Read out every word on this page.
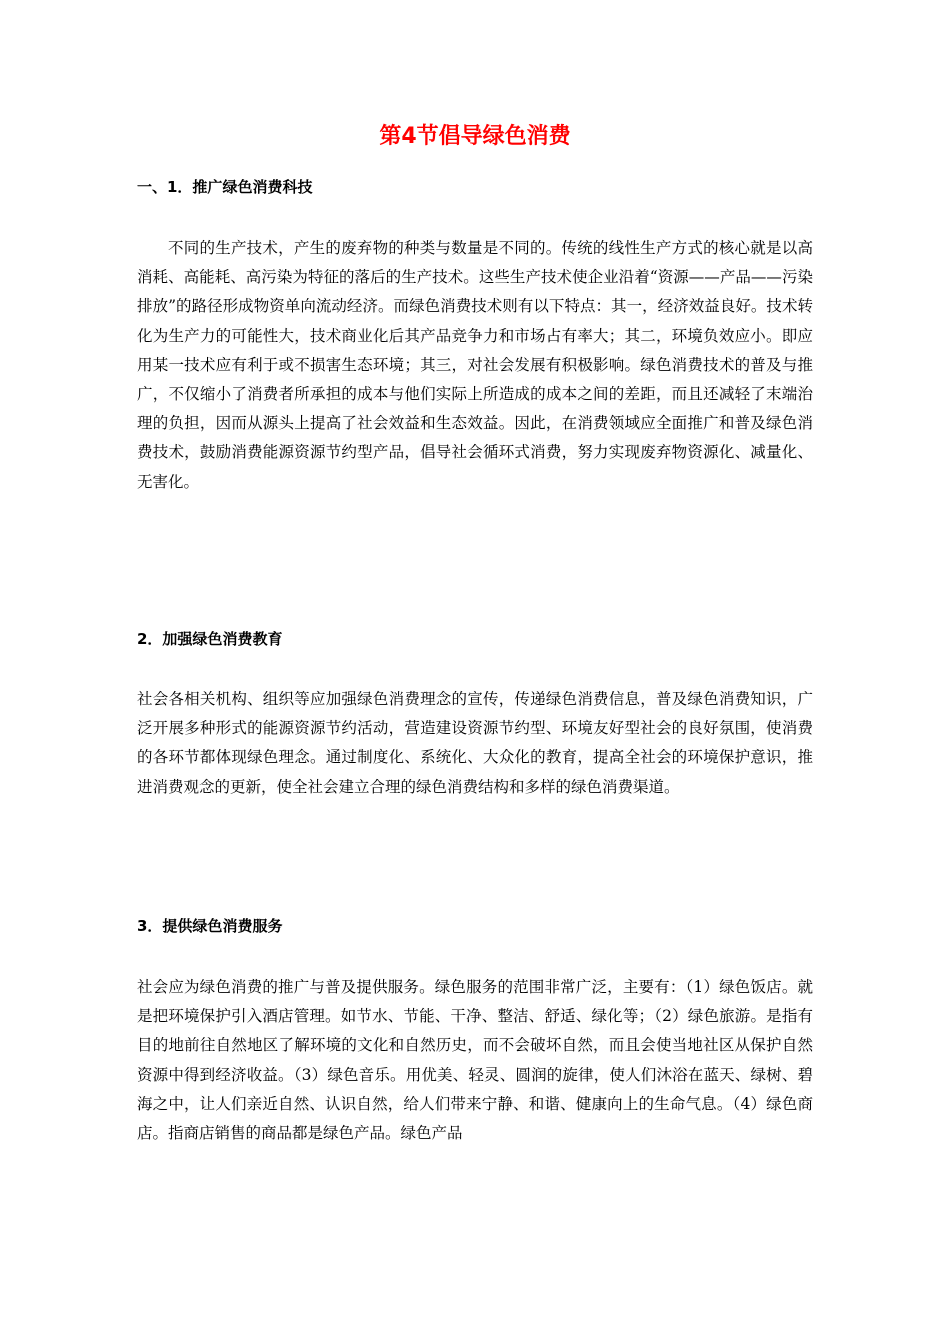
第4节倡导绿色消费
一、1．推广绿色消费科技

不同的生产技术，产生的废弃物的种类与数量是不同的。传统的线性生产方式的核心就是以高消耗、高能耗、高污染为特征的落后的生产技术。这些生产技术使企业沿着“资源——产品——污染排放”的路径形成物资单向流动经济。而绿色消费技术则有以下特点：其一，经济效益良好。技术转化为生产力的可能性大，技术商业化后其产品竞争力和市场占有率大；其二，环境负效应小。即应用某一技术应有利于或不损害生态环境；其三，对社会发展有积极影响。绿色消费技术的普及与推广，不仅缩小了消费者所承担的成本与他们实际上所造成的成本之间的差距，而且还减轻了末端治理的负担，因而从源头上提高了社会效益和生态效益。因此，在消费领域应全面推广和普及绿色消费技术，鼓励消费能源资源节约型产品，倡导社会循环式消费，努力实现废弃物资源化、减量化、无害化。

2．加强绿色消费教育

社会各相关机构、组织等应加强绿色消费理念的宣传，传递绿色消费信息，普及绿色消费知识，广泛开展多种形式的能源资源节约活动，营造建设资源节约型、环境友好型社会的良好氛围，使消费的各环节都体现绿色理念。通过制度化、系统化、大众化的教育，提高全社会的环境保护意识，推进消费观念的更新，使全社会建立合理的绿色消费结构和多样的绿色消费渠道。

3．提供绿色消费服务

社会应为绿色消费的推广与普及提供服务。绿色服务的范围非常广泛，主要有：（1）绿色饭店。就是把环境保护引入酒店管理。如节水、节能、干净、整洁、舒适、绿化等；（2）绿色旅游。是指有目的地前往自然地区了解环境的文化和自然历史，而不会破坏自然，而且会使当地社区从保护自然资源中得到经济收益。（3）绿色音乐。用优美、轻灵、圆润的旋律，使人们沐浴在蓝天、绿树、碧海之中，让人们亲近自然、认识自然，给人们带来宁静、和谐、健康向上的生命气息。（4）绿色商店。指商店销售的商品都是绿色产品。绿色产品
